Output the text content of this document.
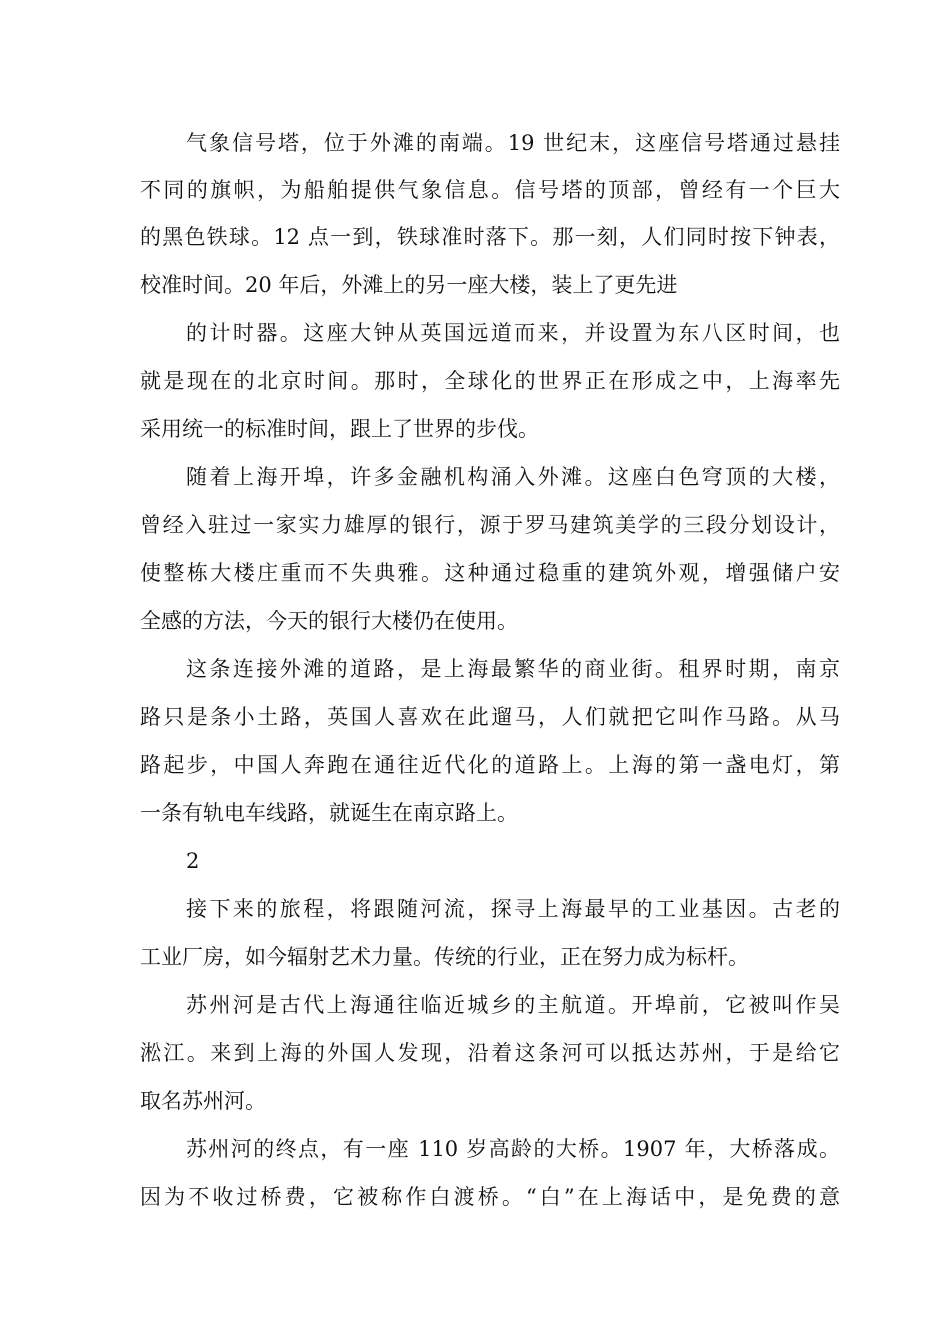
气象信号塔，位于外滩的南端。19 世纪末，这座信号塔通过悬挂
不同的旗帜，为船舶提供气象信息。信号塔的顶部，曾经有一个巨大
的黑色铁球。12 点一到，铁球准时落下。那一刻，人们同时按下钟表，
校准时间。20 年后，外滩上的另一座大楼，装上了更先进
的计时器。这座大钟从英国远道而来，并设置为东八区时间，也
就是现在的北京时间。那时，全球化的世界正在形成之中，上海率先
采用统一的标准时间，跟上了世界的步伐。
随着上海开埠，许多金融机构涌入外滩。这座白色穹顶的大楼，
曾经入驻过一家实力雄厚的银行，源于罗马建筑美学的三段分划设计，
使整栋大楼庄重而不失典雅。这种通过稳重的建筑外观，增强储户安
全感的方法，今天的银行大楼仍在使用。
这条连接外滩的道路，是上海最繁华的商业街。租界时期，南京
路只是条小土路，英国人喜欢在此遛马，人们就把它叫作马路。从马
路起步，中国人奔跑在通往近代化的道路上。上海的第一盏电灯，第
一条有轨电车线路，就诞生在南京路上。
2
接下来的旅程，将跟随河流，探寻上海最早的工业基因。古老的
工业厂房，如今辐射艺术力量。传统的行业，正在努力成为标杆。
苏州河是古代上海通往临近城乡的主航道。开埠前，它被叫作吴
淞江。来到上海的外国人发现，沿着这条河可以抵达苏州，于是给它
取名苏州河。
苏州河的终点，有一座 110 岁高龄的大桥。1907 年，大桥落成。
因为不收过桥费，它被称作白渡桥。“白”在上海话中，是免费的意
